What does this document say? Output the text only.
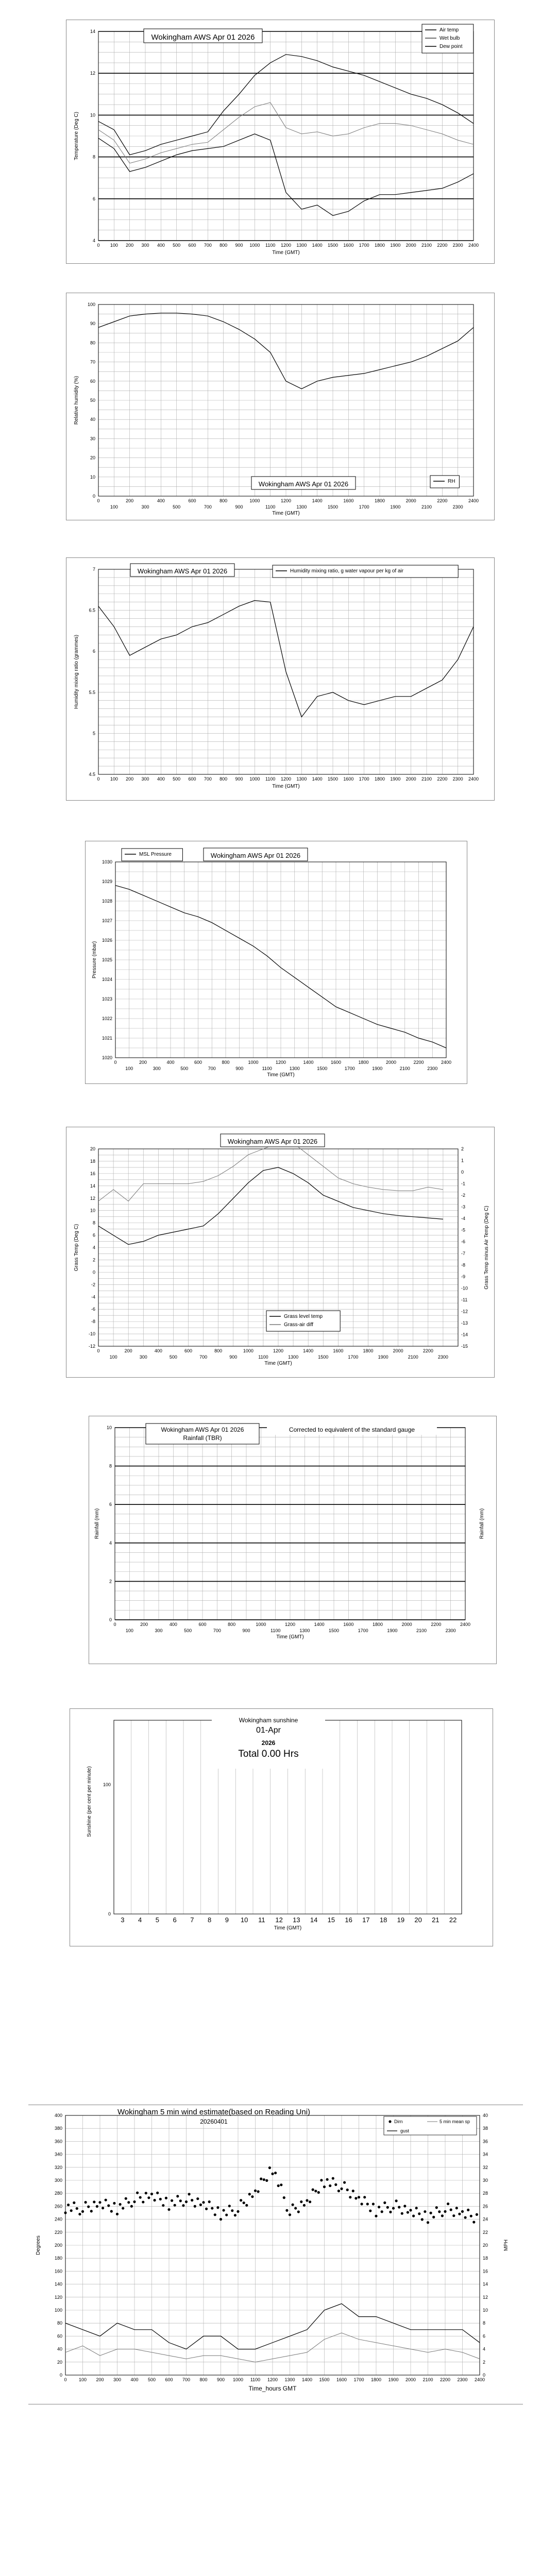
4
6
8
10
12
14
0 100 200 300 400 500 600 700 800 900 1000 1100 1200 1300 1400 1500 1600 1700 1800 1900 2000 2100 2200 2300 2400
Time (GMT)
Temperature (Deg C)
Wokingham AWS Apr 01 2026
Air temp
Wet bulb
Dew point
0
10
20
30
40
50
60
70
80
90
100
0	200	400	600	800	1000	1200	1400	1600	1800	2000	2200	2400
100	300	500	700	900	1100	1300	1500	1700	1900	2100	2300
Time (GMT)
Relative humidity (%)
Wokingham AWS Apr 01 2026	RH
4.5
5
5.5
6
6.5
7
0 100 200 300 400 500 600 700 800 900 1000 1100 1200 1300 1400 1500 1600 1700 1800 1900 2000 2100 2200 2300 2400
Time (GMT)
Humidity mixing ratio (grammes)
Wokingham AWS Apr 01 2026	Humidity mixing ratio, g water vapour per kg of air
1020
1021
1022
1023
1024
1025
1026
1027
1028
1029
1030
0	200	400	600	800	1000	1200	1400	1600	1800	2000	2200	2400
100	300	500	700	900	1100	1300	1500	1700	1900	2100	2300
Time (GMT)
Pressure (mbar)
MSL Pressure	Wokingham AWS Apr 01 2026
-12
-10
-8
-6
-4
-2
0
2
4
6
8
10
12
14
16
18
20
-15
-14
-13
-12
-11
-10
-9
-8
-7
-6
-5
-4
-3
-2
-1
0
1
2
0	200	400	600	800	1000	1200	1400	1600	1800	2000	2200
100	300	500	700	900	1100	1300	1500	1700	1900	2100	2300
Time (GMT)
Grass Temp (Deg C)	Grass Temp minus Air Temp (Deg C)
Wokingham AWS Apr 01 2026
Grass level temp
Grass-air diff
0
2
4
6
8
10
0	200	400	600	800	1000	1200	1400	1600	1800	2000	2200	2400
100	300	500	700	900	1100	1300	1500	1700	1900	2100	2300
Time (GMT)
Rainfall (mm)	Rainfall (mm)
Wokingham AWS Apr 01 2026
Rainfall (TBR)
Corrected to equivalent of the standard gauge
0
100
3 4 5 6 7 8 9 10 11 12 13 14 15 16 17 18 19 20 21 22
Time (GMT)
Sunshine (per cent per minute)
Wokingham sunshine
01-Apr
2026
Total 0.00 Hrs
0
20
40
60
80
100
120
140
160
180
200
220
240
260
280
300
320
340
360
380
400
0
2
4
6
8
10
12
14
16
18
20
22
24
26
28
30
32
34
36
38
40
0	100 200 300 400 500 600 700 800 900 1000 1100 1200 1300 1400 1500 1600 1700 1800 1900 2000 2100 2200 2300 2400
Time_hours GMT
Degrees	MPH
Wokingham 5 min wind estimate(based on Reading Uni)
20260401	Dirn	5 min mean sp
gust
